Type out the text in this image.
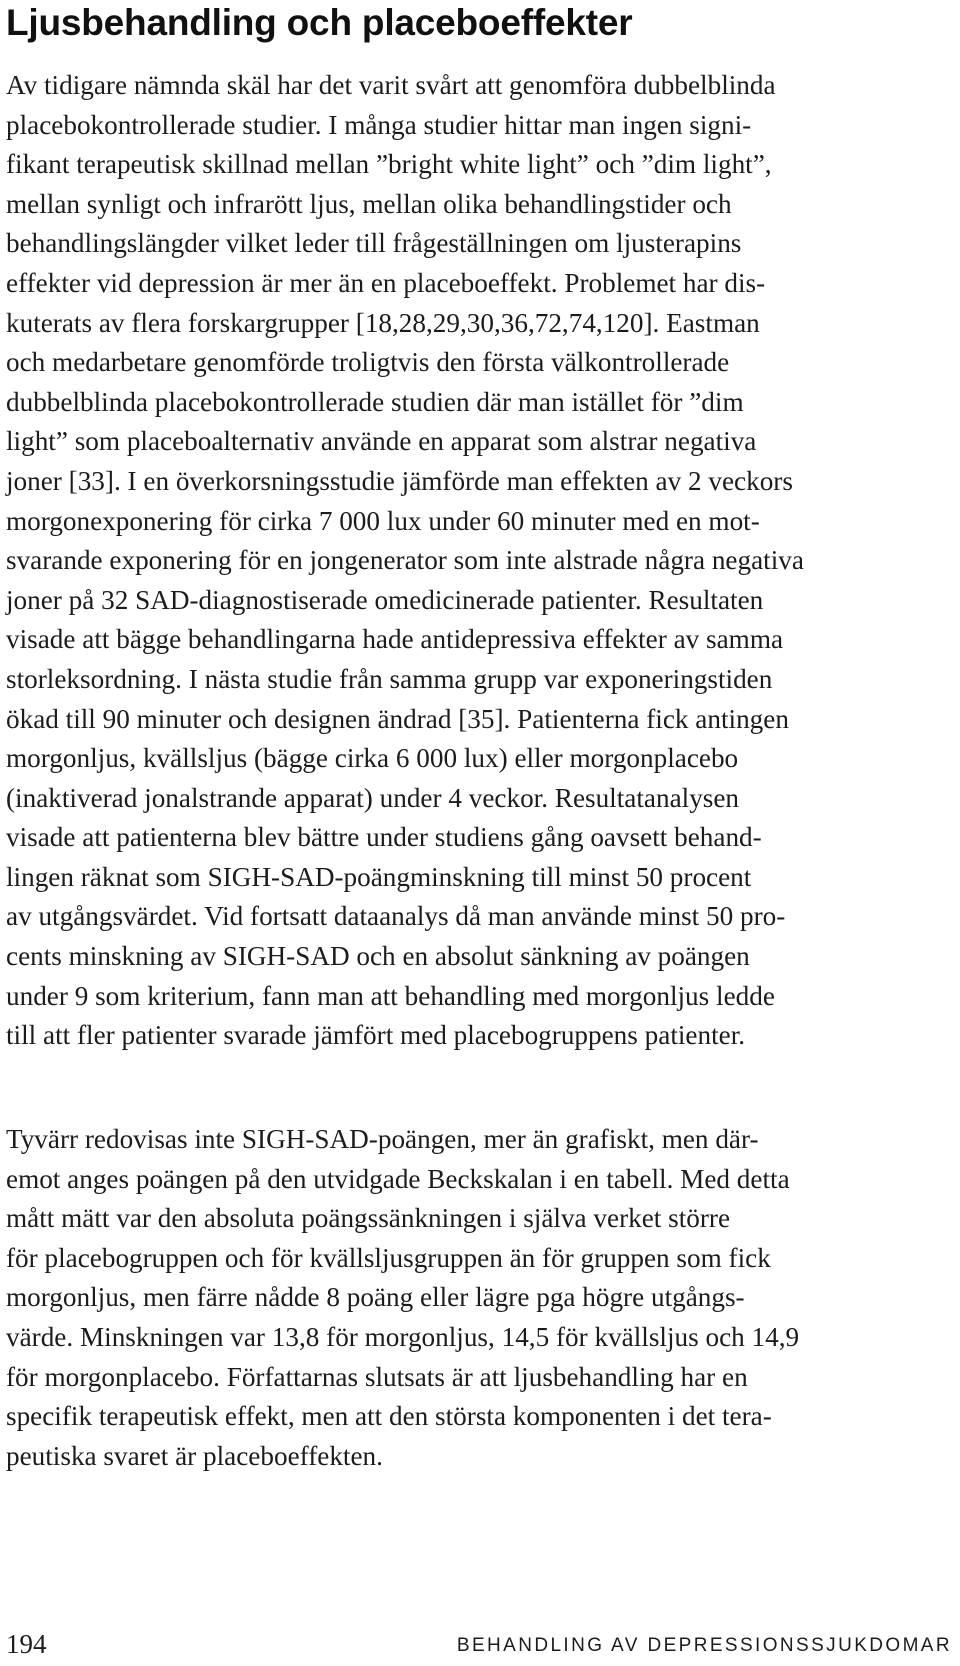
Ljusbehandling och placeboeffekter
Av tidigare nämnda skäl har det varit svårt att genomföra dubbelblinda
placebokontrollerade studier. I många studier hittar man ingen signi-
fikant terapeutisk skillnad mellan ”bright white light” och ”dim light”,
mellan synligt och infrarött ljus, mellan olika behandlingstider och
behandlingslängder vilket leder till frågeställningen om ljusterapins
effekter vid depression är mer än en placeboeffekt. Problemet har dis-
kuterats av flera forskargrupper [18,28,29,30,36,72,74,120]. Eastman
och medarbetare genomförde troligtvis den första välkontrollerade
dubbelblinda placebokontrollerade studien där man istället för ”dim
light” som placeboalternativ använde en apparat som alstrar negativa
joner [33]. I en överkorsningsstudie jämförde man effekten av 2 veckors
morgonexponering för cirka 7 000 lux under 60 minuter med en mot-
svarande exponering för en jongenerator som inte alstrade några negativa
joner på 32 SAD-diagnostiserade omedicinerade patienter. Resultaten
visade att bägge behandlingarna hade antidepressiva effekter av samma
storleksordning. I nästa studie från samma grupp var exponeringstiden
ökad till 90 minuter och designen ändrad [35]. Patienterna fick antingen
morgonljus, kvällsljus (bägge cirka 6 000 lux) eller morgonplacebo
(inaktiverad jonalstrande apparat) under 4 veckor. Resultatanalysen
visade att patienterna blev bättre under studiens gång oavsett behand-
lingen räknat som SIGH-SAD-poängminskning till minst 50 procent
av utgångsvärdet. Vid fortsatt dataanalys då man använde minst 50 pro-
cents minskning av SIGH-SAD och en absolut sänkning av poängen
under 9 som kriterium, fann man att behandling med morgonljus ledde
till att fler patienter svarade jämfört med placebogruppens patienter.
Tyvärr redovisas inte SIGH-SAD-poängen, mer än grafiskt, men där-
emot anges poängen på den utvidgade Beckskalan i en tabell. Med detta
mått mätt var den absoluta poängssänkningen i själva verket större
för placebogruppen och för kvällsljusgruppen än för gruppen som fick
morgonljus, men färre nådde 8 poäng eller lägre pga högre utgångs-
värde. Minskningen var 13,8 för morgonljus, 14,5 för kvällsljus och 14,9
för morgonplacebo. Författarnas slutsats är att ljusbehandling har en
specifik terapeutisk effekt, men att den största komponenten i det tera-
peutiska svaret är placeboeffekten.
194	BEHANDLING AV DEPRESSIONSSJUKDOMAR
